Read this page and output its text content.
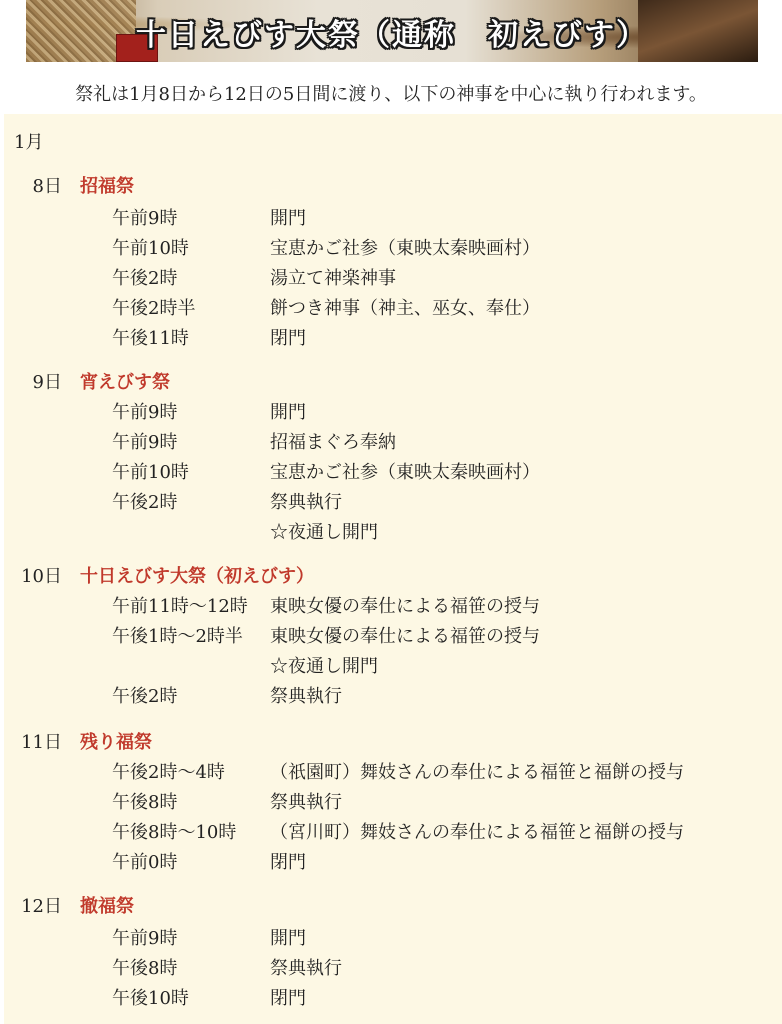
十日えびす大祭（通称　初えびす）
祭礼は1月8日から12日の5日間に渡り、以下の神事を中心に執り行われます。
1月
8日 招福祭
午前9時	開門
午前10時	宝恵かご社参（東映太秦映画村）
午後2時	湯立て神楽神事
午後2時半	餅つき神事（神主、巫女、奉仕）
午後11時	閉門
9日 宵えびす祭
午前9時	開門
午前9時	招福まぐろ奉納
午前10時	宝恵かご社参（東映太秦映画村）
午後2時	祭典執行
☆夜通し開門
10日 十日えびす大祭（初えびす）
午前11時～12時 東映女優の奉仕による福笹の授与
午後1時～2時半 東映女優の奉仕による福笹の授与
☆夜通し開門
午後2時	祭典執行
11日 残り福祭
午後2時～4時	（祇園町）舞妓さんの奉仕による福笹と福餅の授与
午後8時	祭典執行
午後8時～10時 （宮川町）舞妓さんの奉仕による福笹と福餅の授与
午前0時	閉門
12日 撤福祭
午前9時	開門
午後8時	祭典執行
午後10時	閉門
